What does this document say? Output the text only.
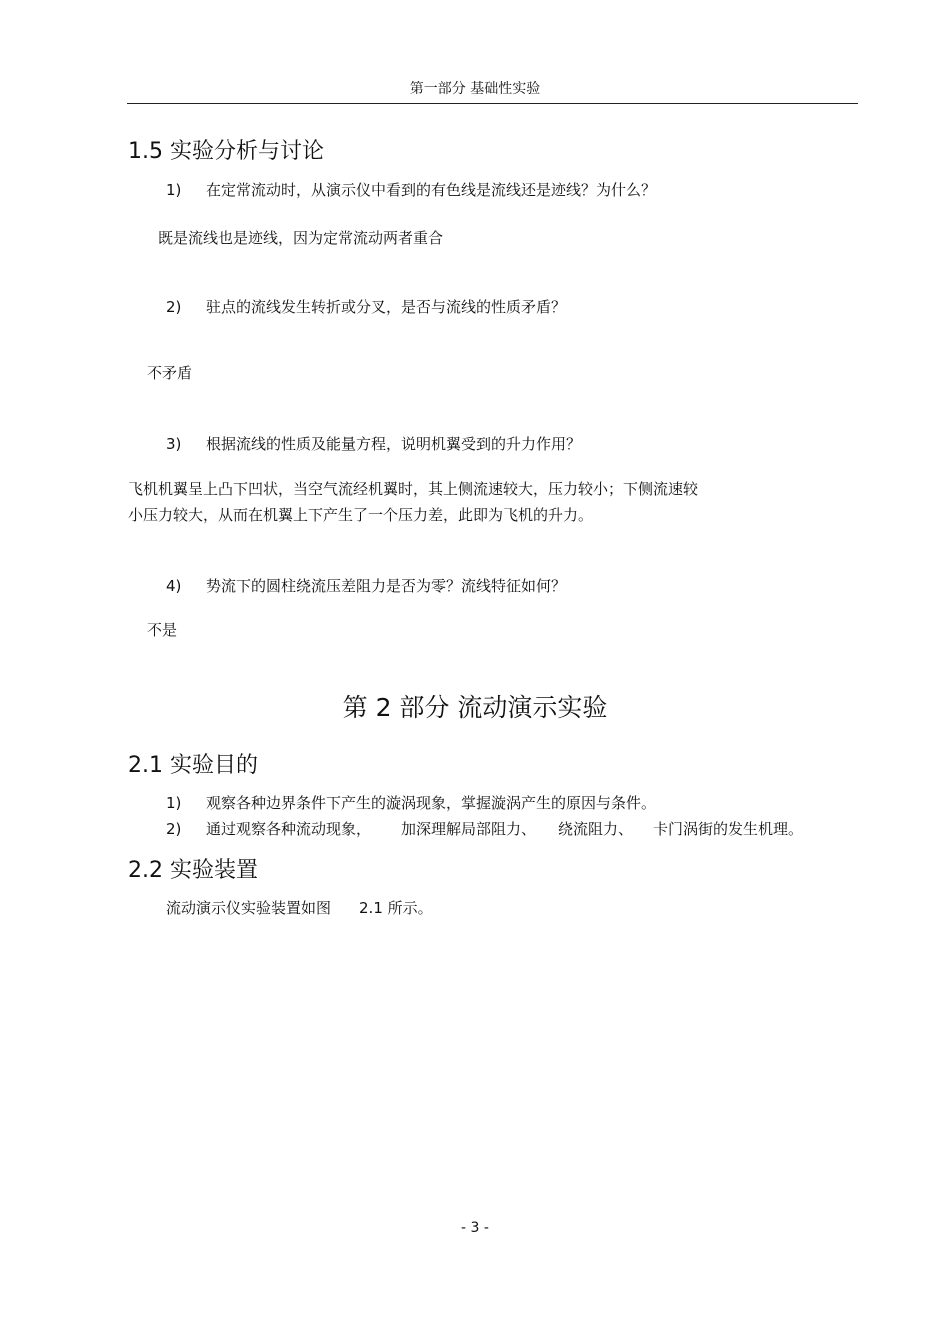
第一部分 基础性实验
1.5 实验分析与讨论
1) 在定常流动时，从演示仪中看到的有色线是流线还是迹线？为什么？
既是流线也是迹线，因为定常流动两者重合
2) 驻点的流线发生转折或分叉，是否与流线的性质矛盾？
不矛盾
3) 根据流线的性质及能量方程，说明机翼受到的升力作用？
飞机机翼呈上凸下凹状，当空气流经机翼时，其上侧流速较大，压力较小；下侧流速较
小压力较大，从而在机翼上下产生了一个压力差，此即为飞机的升力。
4) 势流下的圆柱绕流压差阻力是否为零？流线特征如何？
不是
第 2 部分 流动演示实验
2.1 实验目的
1) 观察各种边界条件下产生的漩涡现象，掌握漩涡产生的原因与条件。
2) 通过观察各种流动现象， 加深理解局部阻力、 绕流阻力、 卡门涡街的发生机理。
2.2 实验装置
流动演示仪实验装置如图 2.1 所示。
- 3 -
